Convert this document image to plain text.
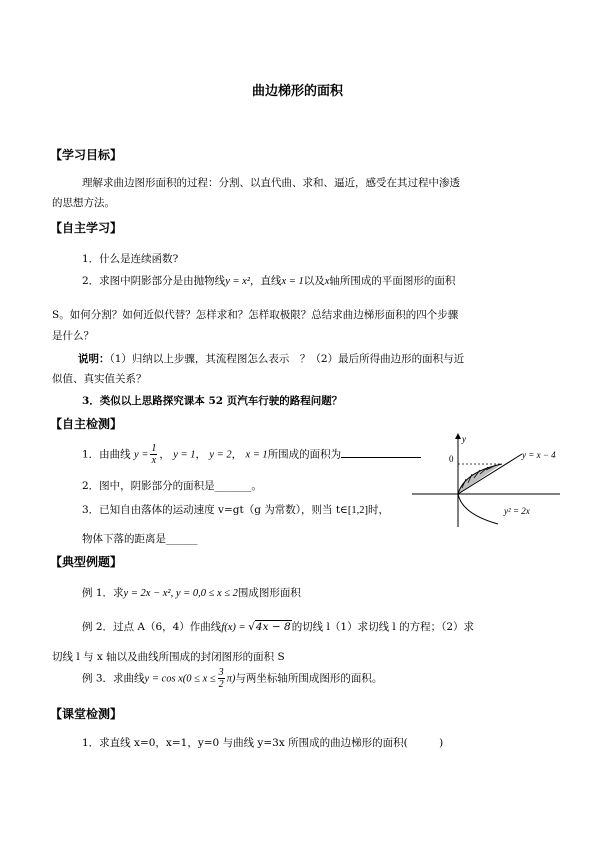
曲边梯形的面积
【学习目标】
理解求曲边图形面积的过程：分割、以直代曲、求和、逼近，感受在其过程中渗透
的思想方法。
【自主学习】
1．什么是连续函数?
2．求图中阴影部分是由抛物线y = x²，直线x = 1以及x轴所围成的平面图形的面积
S。如何分割？如何近似代替？怎样求和？怎样取极限？总结求曲边梯形面积的四个步骤
是什么？
说明：（1）归纳以上步骤，其流程图怎么表示　？（2）最后所得曲边形的面积与近
似值、真实值关系？
3．类似以上思路探究课本 52 页汽车行驶的路程问题？
【自主检测】
1．由曲线 $y = \frac{1}{x}$ ， y = 1， y = 2， x = 1所围成的面积为
2．图中，阴影部分的面积是_______。
3．已知自由落体的运动速度 v=gt（g 为常数），则当 t∈[1,2]时，
物体下落的距离是______
y
0	y = x − 4
y² = 2x
【典型例题】
例 1．求y = 2x − x², y = 0,0 ≤ x ≤ 2围成图形面积
例 2．过点 A（6，4）作曲线f(x) = √4x − 8的切线 l（1）求切线 l 的方程；（2）求
切线 l 与 x 轴以及曲线所围成的封闭图形的面积 S
例 3．求曲线$y = \cos x(0 \le x \le \frac{3}{2} \pi)$与两坐标轴所围成图形的面积。
【课堂检测】
1．求直线 x=0，x=1，y=0 与曲线 y=3x 所围成的曲边梯形的面积(　　　)
